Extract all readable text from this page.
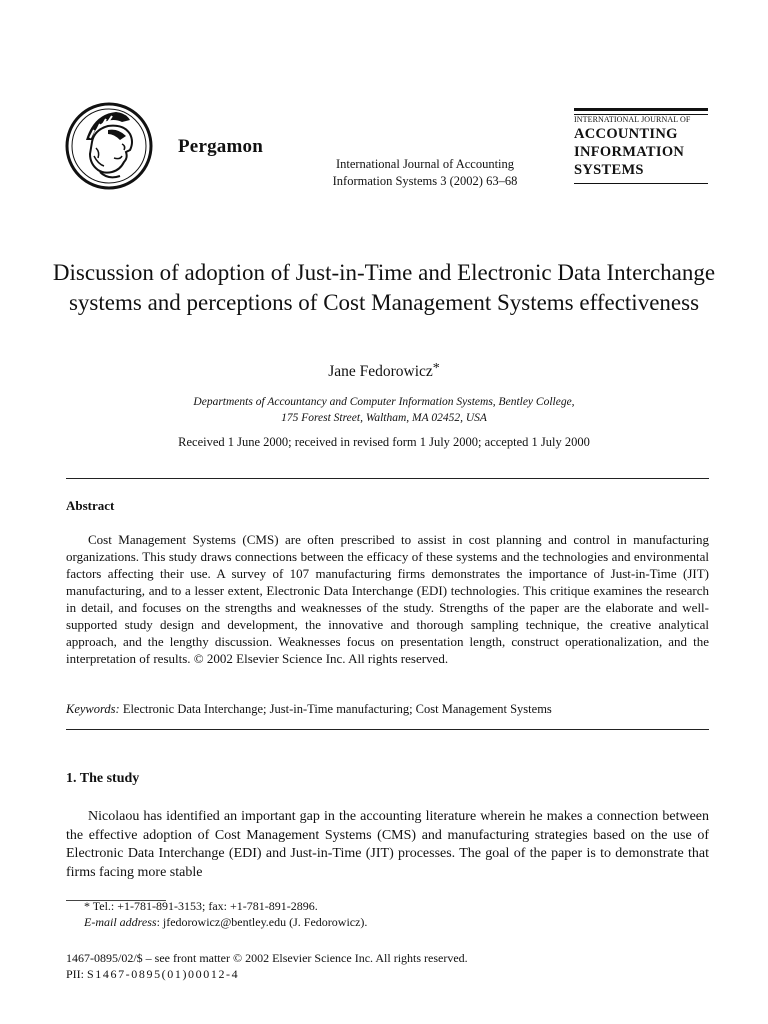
Pergamon
International Journal of Accounting
Information Systems 3 (2002) 63–68
INTERNATIONAL JOURNAL OF
ACCOUNTING
INFORMATION
SYSTEMS
Discussion of adoption of Just-in-Time and Electronic Data Interchange systems and perceptions of Cost Management Systems effectiveness
Jane Fedorowicz*
Departments of Accountancy and Computer Information Systems, Bentley College,
175 Forest Street, Waltham, MA 02452, USA
Received 1 June 2000; received in revised form 1 July 2000; accepted 1 July 2000
Abstract
Cost Management Systems (CMS) are often prescribed to assist in cost planning and control in manufacturing organizations. This study draws connections between the efficacy of these systems and the technologies and environmental factors affecting their use. A survey of 107 manufacturing firms demonstrates the importance of Just-in-Time (JIT) manufacturing, and to a lesser extent, Electronic Data Interchange (EDI) technologies. This critique examines the research in detail, and focuses on the strengths and weaknesses of the study. Strengths of the paper are the elaborate and well-supported study design and development, the innovative and thorough sampling technique, the creative analytical approach, and the lengthy discussion. Weaknesses focus on presentation length, construct operationalization, and the interpretation of results. © 2002 Elsevier Science Inc. All rights reserved.
Keywords: Electronic Data Interchange; Just-in-Time manufacturing; Cost Management Systems
1. The study
Nicolaou has identified an important gap in the accounting literature wherein he makes a connection between the effective adoption of Cost Management Systems (CMS) and manufacturing strategies based on the use of Electronic Data Interchange (EDI) and Just-in-Time (JIT) processes. The goal of the paper is to demonstrate that firms facing more stable
* Tel.: +1-781-891-3153; fax: +1-781-891-2896.
E-mail address: jfedorowicz@bentley.edu (J. Fedorowicz).
1467-0895/02/$ – see front matter © 2002 Elsevier Science Inc. All rights reserved.
PII: S1467-0895(01)00012-4
